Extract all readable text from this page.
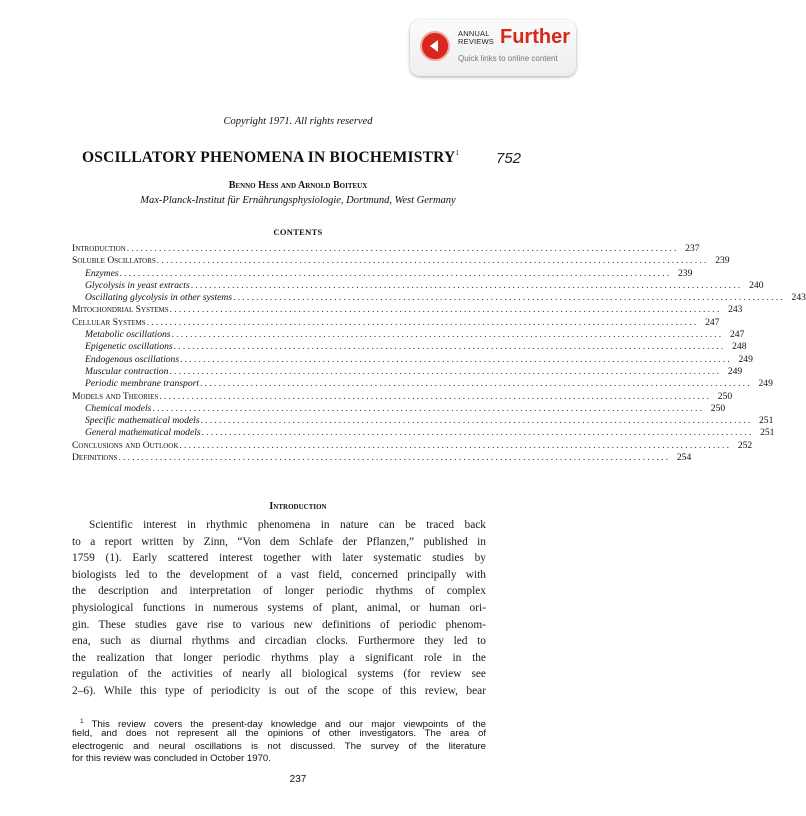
ANNUAL
REVIEWS Further
Quick links to online content
Copyright 1971. All rights reserved
OSCILLATORY PHENOMENA IN BIOCHEMISTRY$^1$ 752
Benno Hess and Arnold Boiteux
Max-Planck-Institut für Ernährungsphysiologie, Dortmund, West Germany
CONTENTS
Introduction ........................................................................................................................ 237
Soluble Oscillators ........................................................................................................................ 239
Enzymes ........................................................................................................................ 239
Glycolysis in yeast extracts ........................................................................................................................ 240
Oscillating glycolysis in other systems ........................................................................................................................ 243
Mitochondrial Systems ........................................................................................................................ 243
Cellular Systems ........................................................................................................................ 247
Metabolic oscillations ........................................................................................................................ 247
Epigenetic oscillations ........................................................................................................................ 248
Endogenous oscillations ........................................................................................................................ 249
Muscular contraction ........................................................................................................................ 249
Periodic membrane transport ........................................................................................................................ 249
Models and Theories ........................................................................................................................ 250
Chemical models ........................................................................................................................ 250
Specific mathematical models ........................................................................................................................ 251
General mathematical models ........................................................................................................................ 251
Conclusions and Outlook ........................................................................................................................ 252
Definitions ........................................................................................................................ 254
Introduction
Scientific interest in rhythmic phenomena in nature can be traced back
to a report written by Zinn, “Von dem Schlafe der Pflanzen,” published in
1759 (1). Early scattered interest together with later systematic studies by
biologists led to the development of a vast field, concerned principally with
the description and interpretation of longer periodic rhythms of complex
physiological functions in numerous systems of plant, animal, or human ori-
gin. These studies gave rise to various new definitions of periodic phenom-
ena, such as diurnal rhythms and circadian clocks. Furthermore they led to
the realization that longer periodic rhythms play a significant role in the
regulation of the activities of nearly all biological systems (for review see
2–6). While this type of periodicity is out of the scope of this review, bear
$^1$ This review covers the present-day knowledge and our major viewpoints of the
field, and does not represent all the opinions of other investigators. The area of
electrogenic and neural oscillations is not discussed. The survey of the literature
for this review was concluded in October 1970.
237
